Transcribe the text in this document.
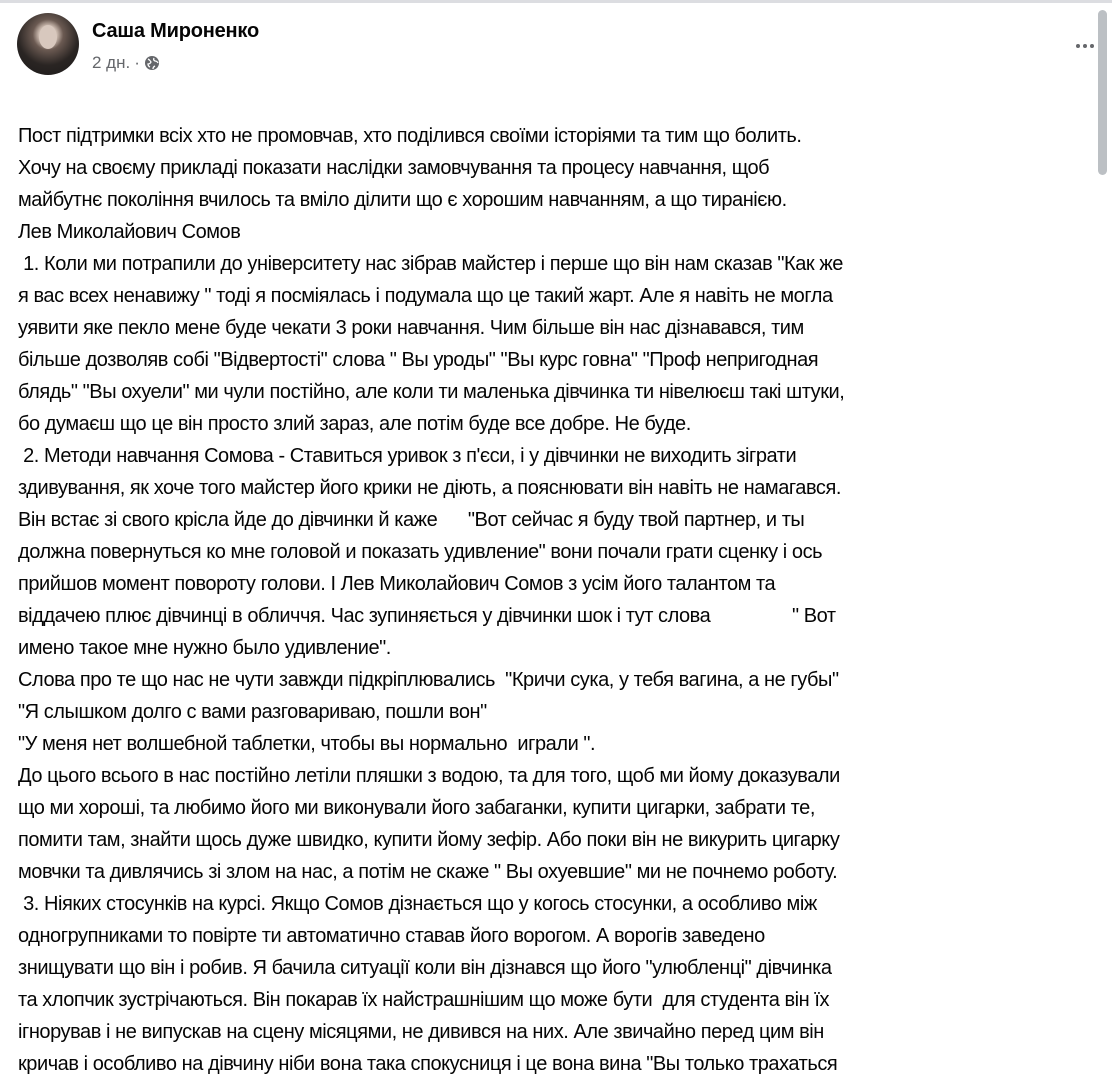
Саша Мироненко
2 дн. ·
Пост підтримки всіх хто не промовчав, хто поділився своїми історіями та тим що болить.
Хочу на своєму прикладі показати наслідки замовчування та процесу навчання, щоб
майбутнє покоління вчилось та вміло ділити що є хорошим навчанням, а що тиранією.
Лев Миколайович Сомов
1. Коли ми потрапили до університету нас зібрав майстер і перше що він нам сказав "Как же
я вас всех ненавижу " тоді я посміялась і подумала що це такий жарт. Але я навіть не могла
уявити яке пекло мене буде чекати 3 роки навчання. Чим більше він нас дізнавався, тим
більше дозволяв собі "Відвертості" слова " Вы уроды" "Вы курс говна" "Проф непригодная
блядь" "Вы охуели" ми чули постійно, але коли ти маленька дівчинка ти нівелюєш такі штуки,
бо думаєш що це він просто злий зараз, але потім буде все добре. Не буде.
2. Методи навчання Сомова - Ставиться уривок з п'єси, і у дівчинки не виходить зіграти
здивування, як хоче того майстер його крики не діють, а пояснювати він навіть не намагався.
Він встає зі свого крісла йде до дівчинки й каже      "Вот сейчас я буду твой партнер, и ты
должна повернуться ко мне головой и показать удивление" вони почали грати сценку і ось
прийшов момент повороту голови. І Лев Миколайович Сомов з усім його талантом та
віддачею плює дівчинці в обличчя. Час зупиняється у дівчинки шок і тут слова                " Вот
имено такое мне нужно было удивление".
Слова про те що нас не чути завжди підкріплювались  "Кричи сука, у тебя вагина, а не губы"
"Я слышком долго с вами разговариваю, пошли вон"
"У меня нет волшебной таблетки, чтобы вы нормально  играли ".
До цього всього в нас постійно летіли пляшки з водою, та для того, щоб ми йому доказували
що ми хороші, та любимо його ми виконували його забаганки, купити цигарки, забрати те,
помити там, знайти щось дуже швидко, купити йому зефір. Або поки він не викурить цигарку
мовчки та дивлячись зі злом на нас, а потім не скаже " Вы охуевшие" ми не почнемо роботу.
3. Ніяких стосунків на курсі. Якщо Сомов дізнається що у когось стосунки, а особливо між
одногрупниками то повірте ти автоматично ставав його ворогом. А ворогів заведено
знищувати що він і робив. Я бачила ситуації коли він дізнався що його "улюбленці" дівчинка
та хлопчик зустрічаються. Він покарав їх найстрашнішим що може бути  для студента він їх
ігнорував і не випускав на сцену місяцями, не дивився на них. Але звичайно перед цим він
кричав і особливо на дівчину ніби вона така спокусниця і це вона вина "Вы только трахаться
